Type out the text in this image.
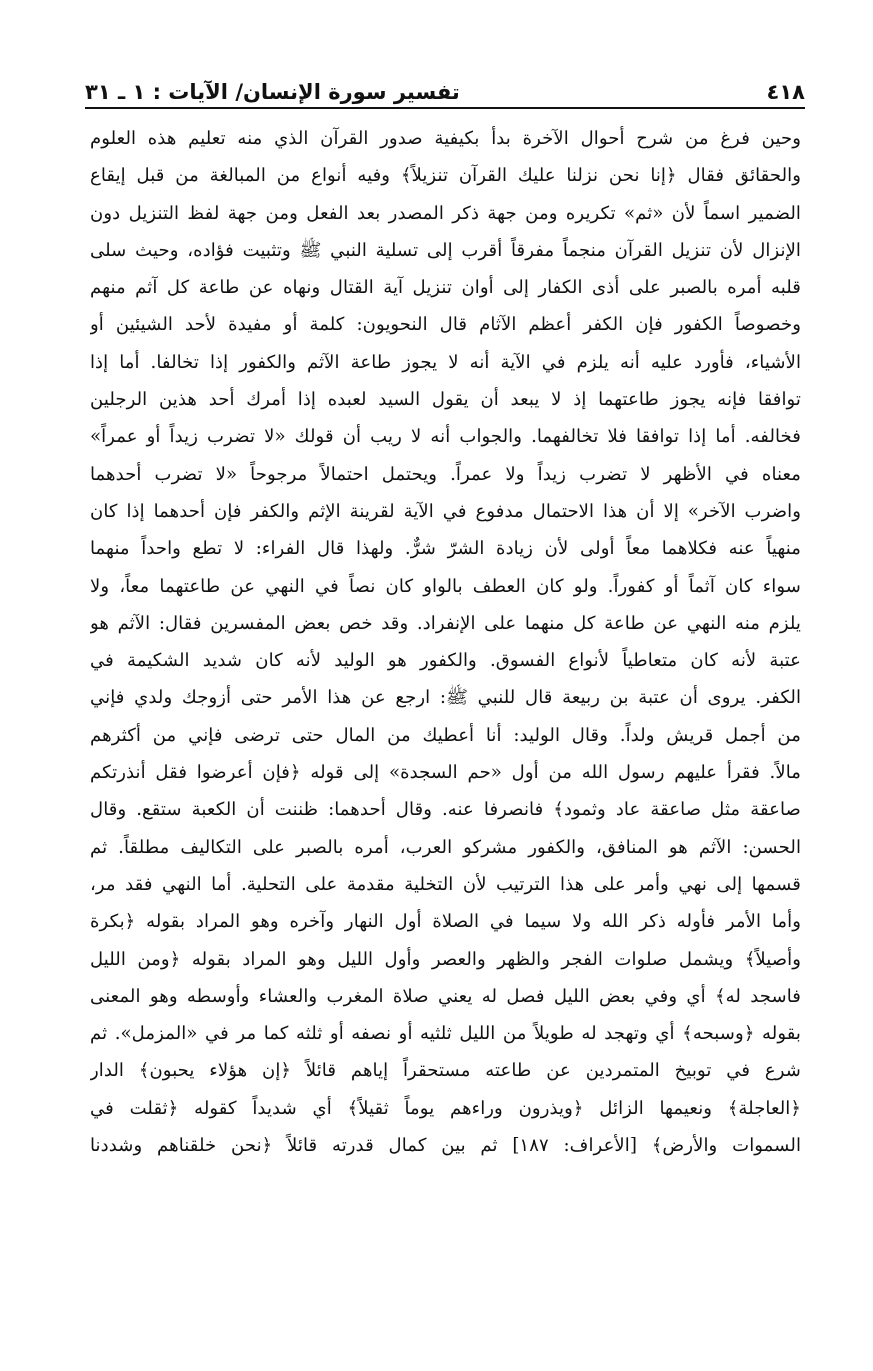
٤١٨
تفسير سورة الإنسان/ الآيات : ١ ـ ٣١
وحين فرغ من شرح أحوال الآخرة بدأ بكيفية صدور القرآن الذي منه تعليم هذه العلوم
والحقائق فقال ﴿إنا نحن نزلنا عليك القرآن تنزيلاً﴾ وفيه أنواع من المبالغة من قبل إيقاع
الضمير اسماً لأن «ثم» تكريره ومن جهة ذكر المصدر بعد الفعل ومن جهة لفظ التنزيل دون
الإنزال لأن تنزيل القرآن منجماً مفرقاً أقرب إلى تسلية النبي ﷺ وتثبيت فؤاده، وحيث سلى
قلبه أمره بالصبر على أذى الكفار إلى أوان تنزيل آية القتال ونهاه عن طاعة كل آثم منهم
وخصوصاً الكفور فإن الكفر أعظم الآثام قال النحويون: كلمة أو مفيدة لأحد الشيئين أو
الأشياء، فأورد عليه أنه يلزم في الآية أنه لا يجوز طاعة الآثم والكفور إذا تخالفا. أما إذا
توافقا فإنه يجوز طاعتهما إذ لا يبعد أن يقول السيد لعبده إذا أمرك أحد هذين الرجلين
فخالفه. أما إذا توافقا فلا تخالفهما. والجواب أنه لا ريب أن قولك «لا تضرب زيداً أو عمراً»
معناه في الأظهر لا تضرب زيداً ولا عمراً. ويحتمل احتمالاً مرجوحاً «لا تضرب أحدهما
واضرب الآخر» إلا أن هذا الاحتمال مدفوع في الآية لقرينة الإثم والكفر فإن أحدهما إذا كان
منهياً عنه فكلاهما معاً أولى لأن زيادة الشرّ شرٌّ. ولهذا قال الفراء: لا تطع واحداً منهما
سواء كان آثماً أو كفوراً. ولو كان العطف بالواو كان نصاً في النهي عن طاعتهما معاً، ولا
يلزم منه النهي عن طاعة كل منهما على الإنفراد. وقد خص بعض المفسرين فقال: الآثم هو
عتبة لأنه كان متعاطياً لأنواع الفسوق. والكفور هو الوليد لأنه كان شديد الشكيمة في
الكفر. يروى أن عتبة بن ربيعة قال للنبي ﷺ: ارجع عن هذا الأمر حتى أزوجك ولدي فإني
من أجمل قريش ولداً. وقال الوليد: أنا أعطيك من المال حتى ترضى فإني من أكثرهم
مالاً. فقرأ عليهم رسول الله من أول «حم السجدة» إلى قوله ﴿فإن أعرضوا فقل أنذرتكم
صاعقة مثل صاعقة عاد وثمود﴾ فانصرفا عنه. وقال أحدهما: ظننت أن الكعبة ستقع. وقال
الحسن: الآثم هو المنافق، والكفور مشركو العرب، أمره بالصبر على التكاليف مطلقاً. ثم
قسمها إلى نهي وأمر على هذا الترتيب لأن التخلية مقدمة على التحلية. أما النهي فقد مر،
وأما الأمر فأوله ذكر الله ولا سيما في الصلاة أول النهار وآخره وهو المراد بقوله ﴿بكرة
وأصيلاً﴾ ويشمل صلوات الفجر والظهر والعصر وأول الليل وهو المراد بقوله ﴿ومن الليل
فاسجد له﴾ أي وفي بعض الليل فصل له يعني صلاة المغرب والعشاء وأوسطه وهو المعنى
بقوله ﴿وسبحه﴾ أي وتهجد له طويلاً من الليل ثلثيه أو نصفه أو ثلثه كما مر في «المزمل». ثم
شرع في توبيخ المتمردين عن طاعته مستحقراً إياهم قائلاً ﴿إن هؤلاء يحبون﴾ الدار
﴿العاجلة﴾ ونعيمها الزائل ﴿ويذرون وراءهم يوماً ثقيلاً﴾ أي شديداً كقوله ﴿ثقلت في
السموات والأرض﴾ [الأعراف: ١٨٧] ثم بين كمال قدرته قائلاً ﴿نحن خلقناهم وشددنا
